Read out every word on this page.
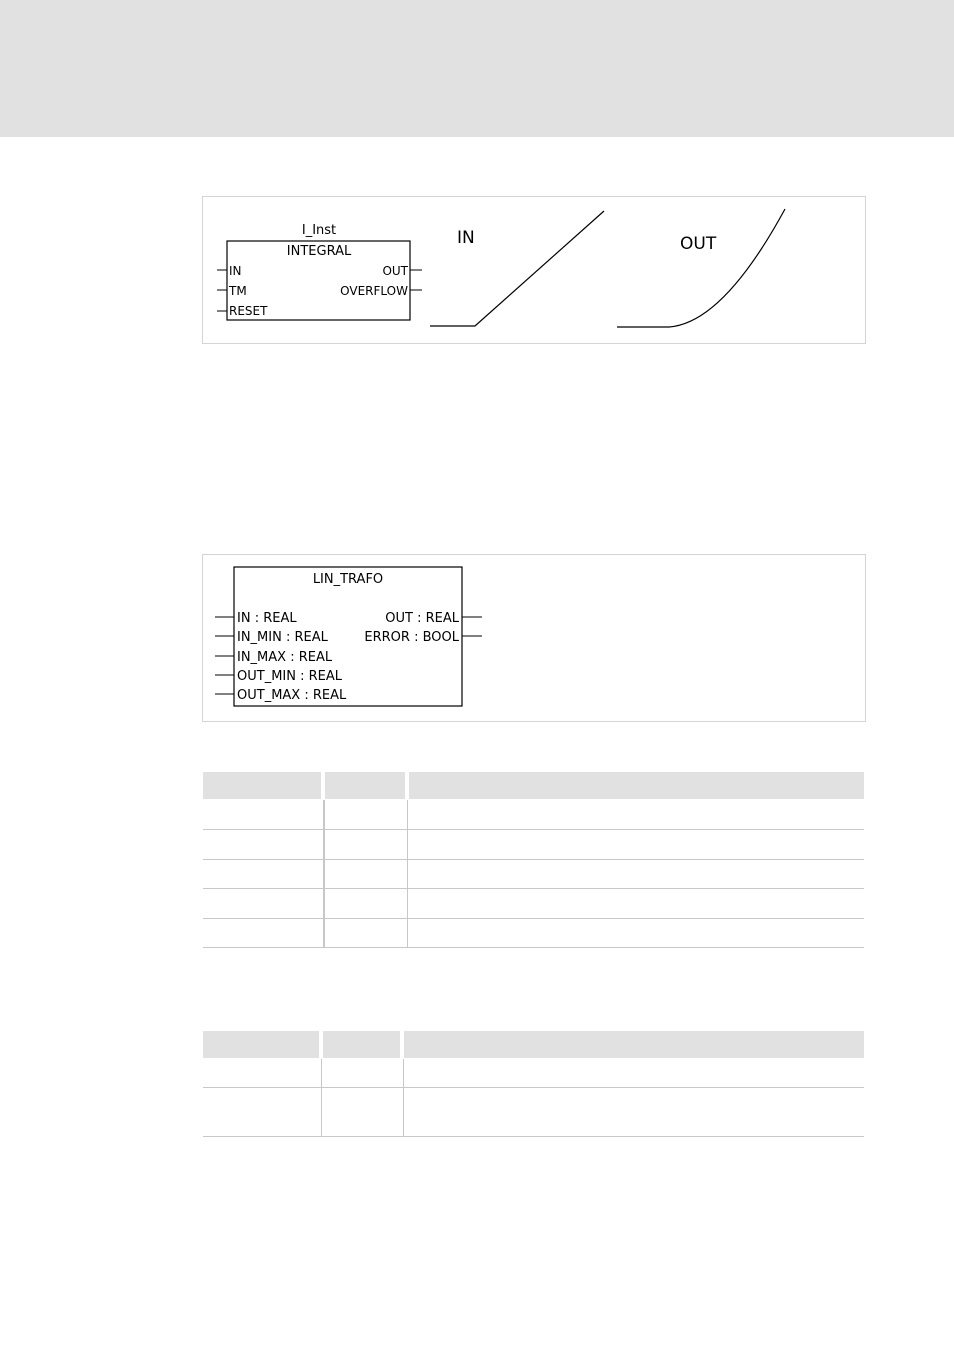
I_Inst
INTEGRAL
IN
TM
RESET
OUT
OVERFLOW
IN	OUT
LIN_TRAFO
IN : REAL
IN_MIN : REAL
IN_MAX : REAL
OUT_MIN : REAL
OUT_MAX : REAL
OUT : REAL
ERROR : BOOL
